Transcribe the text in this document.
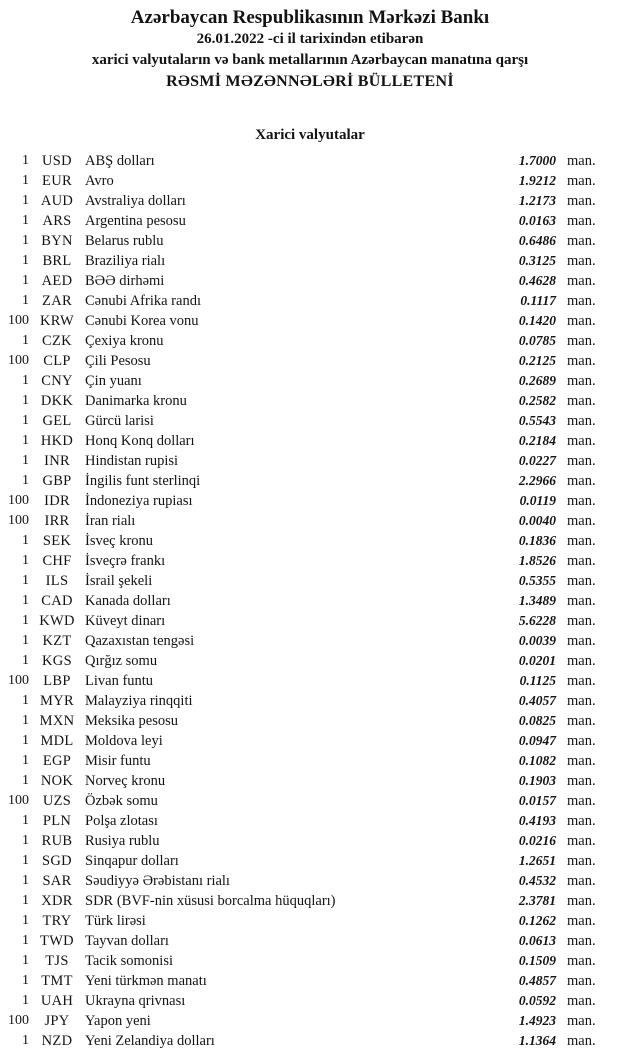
Azərbaycan Respublikasının Mərkəzi Bankı
26.01.2022 -ci il tarixindən etibarən
xarici valyutaların və bank metallarının Azərbaycan manatına qarşı
RƏSMİ MƏZƏNNƏLƏRİ BÜLLETENİ
Xarici valyutalar
1 USD ABŞ dolları	1.7000 man.
1 EUR Avro	1.9212 man.
1 AUD Avstraliya dolları	1.2173 man.
1 ARS Argentina pesosu	0.0163 man.
1 BYN Belarus rublu	0.6486 man.
1 BRL Braziliya rialı	0.3125 man.
1 AED BƏƏ dirhəmi	0.4628 man.
1 ZAR Cənubi Afrika randı	0.1117 man.
100 KRW Cənubi Korea vonu	0.1420 man.
1 CZK Çexiya kronu	0.0785 man.
100 CLP Çili Pesosu	0.2125 man.
1 CNY Çin yuanı	0.2689 man.
1 DKK Danimarka kronu	0.2582 man.
1 GEL Gürcü larisi	0.5543 man.
1 HKD Honq Konq dolları	0.2184 man.
1	INR	Hindistan rupisi	0.0227 man.
1 GBP İngilis funt sterlinqi	2.2966 man.
100	IDR	İndoneziya rupiası	0.0119 man.
100	IRR	İran rialı	0.0040 man.
1 SEK İsveç kronu	0.1836 man.
1 CHF İsveçrə frankı	1.8526 man.
1	ILS	İsrail şekeli	0.5355 man.
1 CAD Kanada dolları	1.3489 man.
1 KWD Küveyt dinarı	5.6228 man.
1 KZT Qazaxıstan tengəsi	0.0039 man.
1 KGS Qırğız somu	0.0201 man.
100 LBP Livan funtu	0.1125 man.
1 MYR Malayziya rinqqiti	0.4057 man.
1 MXN Meksika pesosu	0.0825 man.
1 MDL Moldova leyi	0.0947 man.
1 EGP Misir funtu	0.1082 man.
1 NOK Norveç kronu	0.1903 man.
100 UZS Özbək somu	0.0157 man.
1 PLN Polşa zlotası	0.4193 man.
1 RUB Rusiya rublu	0.0216 man.
1 SGD Sinqapur dolları	1.2651 man.
1 SAR Səudiyyə Ərəbistanı rialı	0.4532 man.
1 XDR SDR (BVF-nin xüsusi borcalma hüquqları)	2.3781 man.
1 TRY Türk lirəsi	0.1262 man.
1 TWD Tayvan dolları	0.0613 man.
1	TJS	Tacik somonisi	0.1509 man.
1 TMT Yeni türkmən manatı	0.4857 man.
1 UAH Ukrayna qrivnası	0.0592 man.
100	JPY	Yapon yeni	1.4923 man.
1 NZD Yeni Zelandiya dolları	1.1364 man.
